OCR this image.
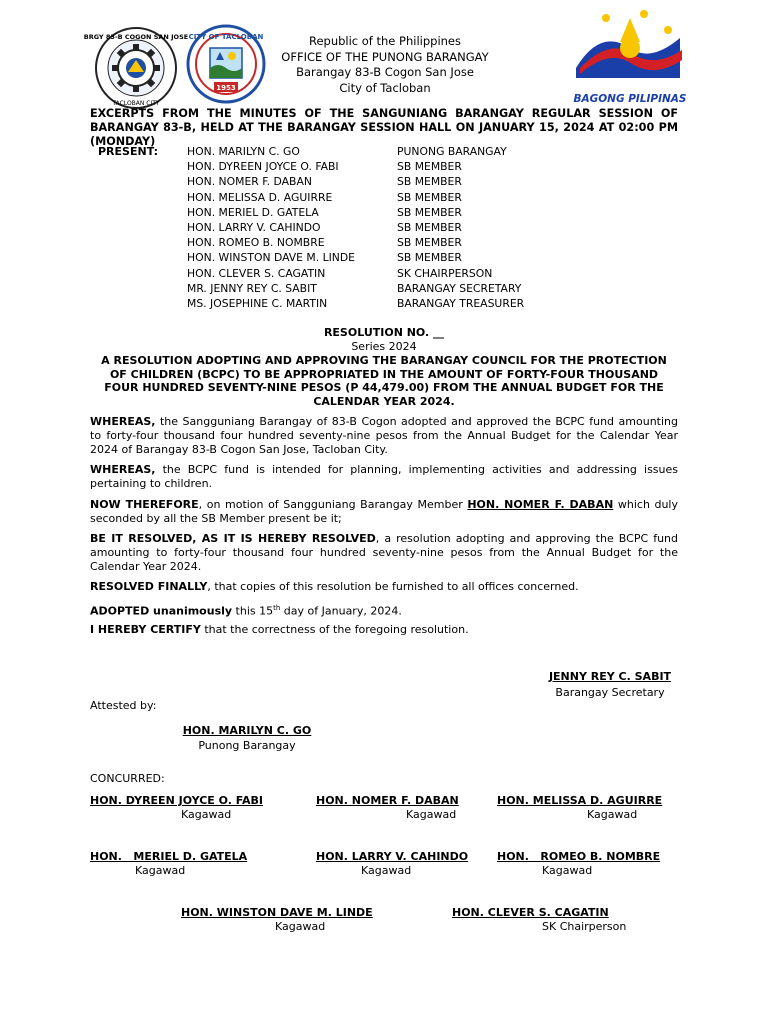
BRGY 83-B COGON SAN JOSE
TACLOBAN CITY
CITY OF TACLOBAN
1953
BAGONG PILIPINAS
Republic of the Philippines
OFFICE OF THE PUNONG BARANGAY
Barangay 83-B Cogon San Jose
City of Tacloban
EXCERPTS FROM THE MINUTES OF THE SANGUNIANG BARANGAY REGULAR SESSION OF BARANGAY 83-B, HELD AT THE BARANGAY SESSION HALL ON JANUARY 15, 2024 AT 02:00 PM (MONDAY)
PRESENT:	HON. MARILYN C. GO	PUNONG BARANGAY
HON. DYREEN JOYCE O. FABI	SB MEMBER
HON. NOMER F. DABAN	SB MEMBER
HON. MELISSA D. AGUIRRE	SB MEMBER
HON. MERIEL D. GATELA	SB MEMBER
HON. LARRY V. CAHINDO	SB MEMBER
HON. ROMEO B. NOMBRE	SB MEMBER
HON. WINSTON DAVE M. LINDE	SB MEMBER
HON. CLEVER S. CAGATIN	SK CHAIRPERSON
MR. JENNY REY C. SABIT	BARANGAY SECRETARY
MS. JOSEPHINE C. MARTIN	BARANGAY TREASURER
RESOLUTION NO. __
Series 2024
A RESOLUTION ADOPTING AND APPROVING THE BARANGAY COUNCIL FOR THE PROTECTION OF CHILDREN (BCPC) TO BE APPROPRIATED IN THE AMOUNT OF FORTY-FOUR THOUSAND FOUR HUNDRED SEVENTY-NINE PESOS (P 44,479.00) FROM THE ANNUAL BUDGET FOR THE CALENDAR YEAR 2024.
WHEREAS, the Sangguniang Barangay of 83-B Cogon adopted and approved the BCPC fund amounting to forty-four thousand four hundred seventy-nine pesos from the Annual Budget for the Calendar Year 2024 of Barangay 83-B Cogon San Jose, Tacloban City.
WHEREAS, the BCPC fund is intended for planning, implementing activities and addressing issues pertaining to children.
NOW THEREFORE, on motion of Sangguniang Barangay Member HON. NOMER F. DABAN which duly seconded by all the SB Member present be it;
BE IT RESOLVED, AS IT IS HEREBY RESOLVED, a resolution adopting and approving the BCPC fund amounting to forty-four thousand four hundred seventy-nine pesos from the Annual Budget for the Calendar Year 2024.
RESOLVED FINALLY, that copies of this resolution be furnished to all offices concerned.
ADOPTED unanimously this 15th day of January, 2024.
I HEREBY CERTIFY that the correctness of the foregoing resolution.
JENNY REY C. SABIT
Barangay Secretary
Attested by:
HON. MARILYN C. GO
Punong Barangay
CONCURRED:
HON. DYREEN JOYCE O. FABI
Kagawad
HON. NOMER F. DABAN
Kagawad
HON. MELISSA D. AGUIRRE
Kagawad
HON.   MERIEL D. GATELA
Kagawad
HON. LARRY V. CAHINDO
Kagawad
HON.   ROMEO B. NOMBRE
Kagawad
HON. WINSTON DAVE M. LINDE
Kagawad
HON. CLEVER S. CAGATIN
SK Chairperson
